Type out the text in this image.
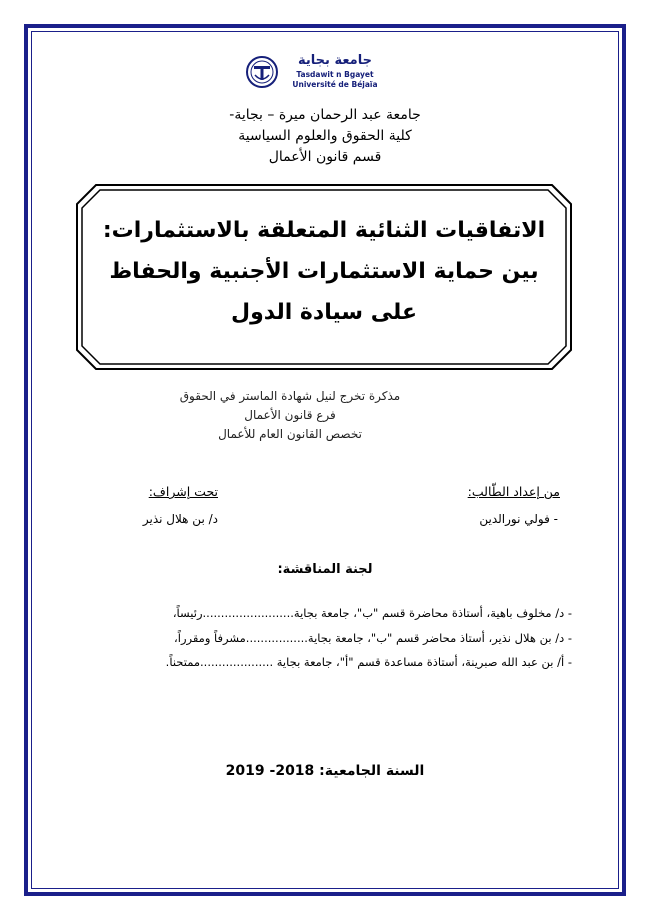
جامعة بجاية
Tasdawit n Bgayet
Université de Béjaïa
جامعة عبد الرحمان ميرة – بجاية-
كلية الحقوق والعلوم السياسية
قسم قانون الأعمال
الاتفاقيات الثنائية المتعلقة بالاستثمارات:
بين حماية الاستثمارات الأجنبية والحفاظ
على سيادة الدول
مذكرة تخرج لنيل شهادة الماستر في الحقوق
فرع قانون الأعمال
تخصص القانون العام للأعمال
من إعداد الطّالب:
- فولي نورالدين
تحت إشراف:
د/ بن هلال نذير
لجنة المناقشة:
- د/ مخلوف باهية، أستاذة محاضرة قسم "ب"، جامعة بجاية.........................رئيساً،
- د/ بن هلال نذير، أستاذ محاضر قسم "ب"، جامعة بجاية.................مشرفاً ومقرراً،
- أ/ بن عبد الله صبرينة، أستاذة مساعدة قسم "أ"، جامعة بجاية ....................ممتحناً.
السنة الجامعية: 2018- 2019
